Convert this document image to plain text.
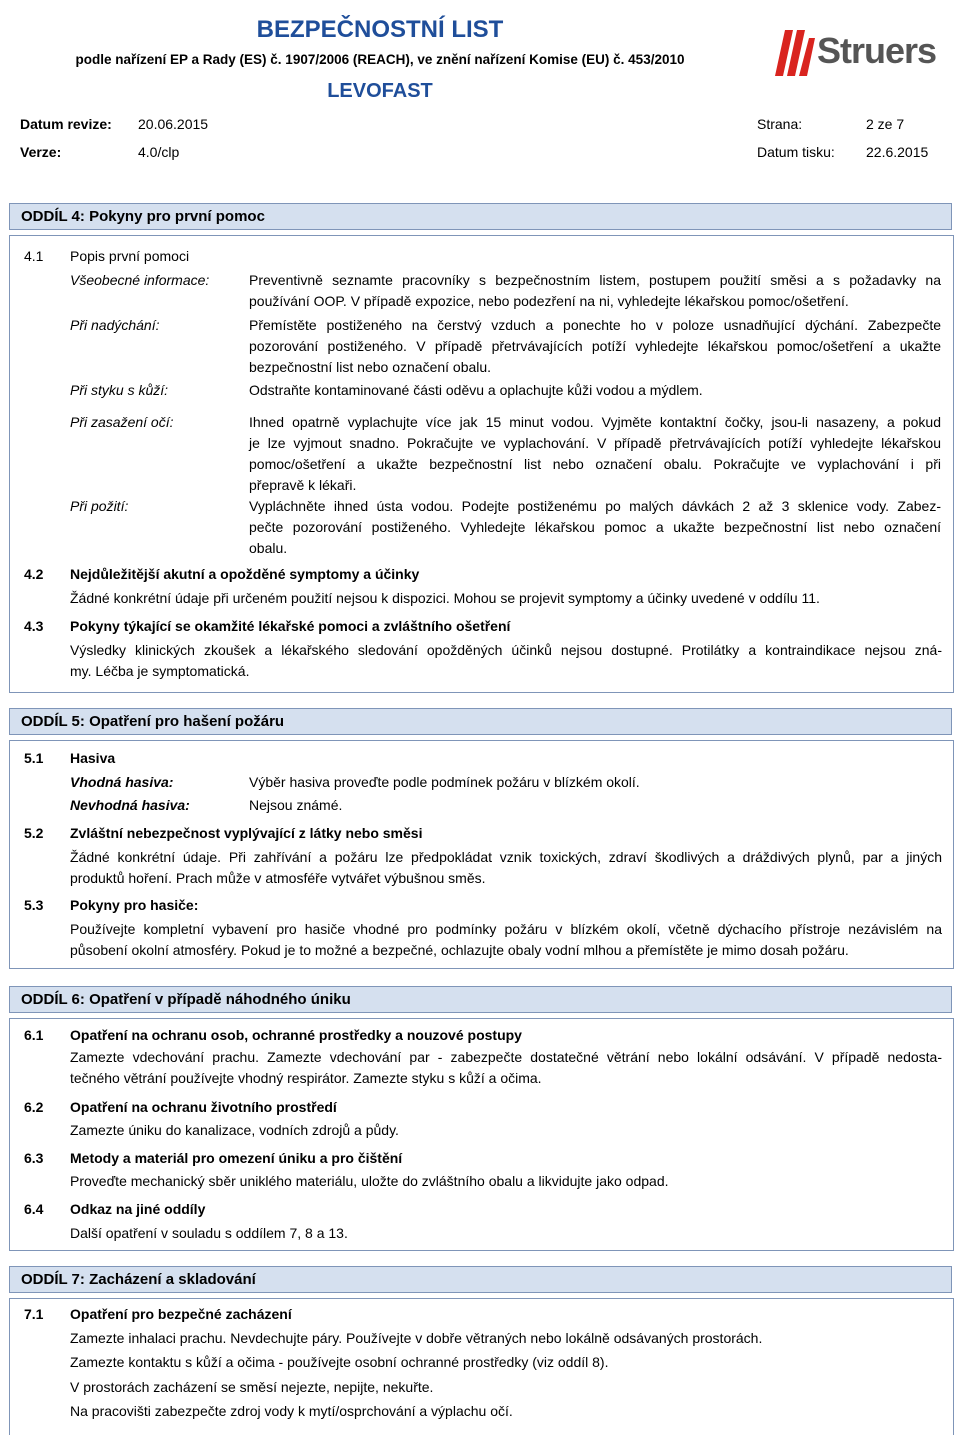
BEZPEČNOSTNÍ LIST
podle nařízení EP a Rady (ES) č. 1907/2006 (REACH), ve znění nařízení Komise (EU) č. 453/2010
LEVOFAST
Datum revize: 20.06.2015	Strana:	2 ze 7
Verze:	4.0/clp	Datum tisku: 22.6.2015
Struers
ODDÍL 4: Pokyny pro první pomoc
4.1 Popis první pomoci
Všeobecné informace:	Preventivně seznamte pracovníky s bezpečnostním listem, postupem použití směsi a s požadavky na
používání OOP. V případě expozice, nebo podezření na ni, vyhledejte lékařskou pomoc/ošetření.
Při nadýchání:	Přemístěte postiženého na čerstvý vzduch a ponechte ho v poloze usnadňující dýchání. Zabezpečte
pozorování postiženého. V případě přetrvávajících potíží vyhledejte lékařskou pomoc/ošetření a ukažte
bezpečnostní list nebo označení obalu.
Při styku s kůží:	Odstraňte kontaminované části oděvu a oplachujte kůži vodou a mýdlem.
Při zasažení očí:	Ihned opatrně vyplachujte více jak 15 minut vodou. Vyjměte kontaktní čočky, jsou-li nasazeny, a pokud
je lze vyjmout snadno. Pokračujte ve vyplachování. V případě přetrvávajících potíží vyhledejte lékařskou
pomoc/ošetření a ukažte bezpečnostní list nebo označení obalu. Pokračujte ve vyplachování i při
přepravě k lékaři.
Při požití:	Vypláchněte ihned ústa vodou. Podejte postiženému po malých dávkách 2 až 3 sklenice vody. Zabez-
pečte pozorování postiženého. Vyhledejte lékařskou pomoc a ukažte bezpečnostní list nebo označení
obalu.
4.2 Nejdůležitější akutní a opožděné symptomy a účinky
Žádné konkrétní údaje při určeném použití nejsou k dispozici. Mohou se projevit symptomy a účinky uvedené v oddílu 11.
4.3 Pokyny týkající se okamžité lékařské pomoci a zvláštního ošetření
Výsledky klinických zkoušek a lékařského sledování opožděných účinků nejsou dostupné. Protilátky a kontraindikace nejsou zná-
my. Léčba je symptomatická.
ODDÍL 5: Opatření pro hašení požáru
5.1 Hasiva
Vhodná hasiva:	Výběr hasiva proveďte podle podmínek požáru v blízkém okolí.
Nevhodná hasiva:	Nejsou známé.
5.2 Zvláštní nebezpečnost vyplývající z látky nebo směsi
Žádné konkrétní údaje. Při zahřívání a požáru lze předpokládat vznik toxických, zdraví škodlivých a dráždivých plynů, par a jiných
produktů hoření. Prach může v atmosféře vytvářet výbušnou směs.
5.3 Pokyny pro hasiče:
Používejte kompletní vybavení pro hasiče vhodné pro podmínky požáru v blízkém okolí, včetně dýchacího přístroje nezávislém na
působení okolní atmosféry. Pokud je to možné a bezpečné, ochlazujte obaly vodní mlhou a přemístěte je mimo dosah požáru.
ODDÍL 6: Opatření v případě náhodného úniku
6.1 Opatření na ochranu osob, ochranné prostředky a nouzové postupy
Zamezte vdechování prachu. Zamezte vdechování par - zabezpečte dostatečné větrání nebo lokální odsávání. V případě nedosta-
tečného větrání používejte vhodný respirátor. Zamezte styku s kůží a očima.
6.2 Opatření na ochranu životního prostředí
Zamezte úniku do kanalizace, vodních zdrojů a půdy.
6.3 Metody a materiál pro omezení úniku a pro čištění
Proveďte mechanický sběr uniklého materiálu, uložte do zvláštního obalu a likvidujte jako odpad.
6.4 Odkaz na jiné oddíly
Další opatření v souladu s oddílem 7, 8 a 13.
ODDÍL 7: Zacházení a skladování
7.1 Opatření pro bezpečné zacházení
Zamezte inhalaci prachu. Nevdechujte páry. Používejte v dobře větraných nebo lokálně odsávaných prostorách.
Zamezte kontaktu s kůží a očima - používejte osobní ochranné prostředky (viz oddíl 8).
V prostorách zacházení se směsí nejezte, nepijte, nekuřte.
Na pracovišti zabezpečte zdroj vody k mytí/osprchování a výplachu očí.
